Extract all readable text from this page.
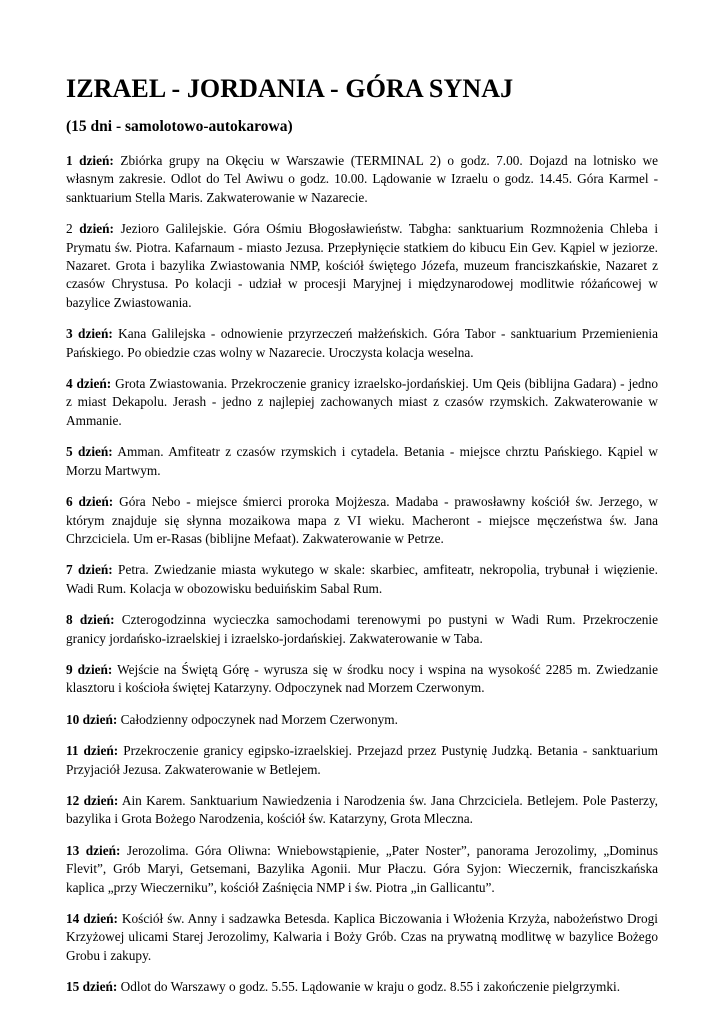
IZRAEL - JORDANIA - GÓRA SYNAJ
(15 dni - samolotowo-autokarowa)

1 dzień: Zbiórka grupy na Okęciu w Warszawie (TERMINAL 2) o godz. 7.00. Dojazd na lotnisko we własnym zakresie. Odlot do Tel Awiwu o godz. 10.00. Lądowanie w Izraelu o godz. 14.45. Góra Karmel - sanktuarium Stella Maris. Zakwaterowanie w Nazarecie.

2 dzień: Jezioro Galilejskie. Góra Ośmiu Błogosławieństw. Tabgha: sanktuarium Rozmnożenia Chleba i Prymatu św. Piotra. Kafarnaum - miasto Jezusa. Przepłynięcie statkiem do kibucu Ein Gev. Kąpiel w jeziorze. Nazaret. Grota i bazylika Zwiastowania NMP, kościół świętego Józefa, muzeum franciszkańskie, Nazaret z czasów Chrystusa. Po kolacji - udział w procesji Maryjnej i międzynarodowej modlitwie różańcowej w bazylice Zwiastowania.

3 dzień: Kana Galilejska - odnowienie przyrzeczeń małżeńskich. Góra Tabor - sanktuarium Przemienienia Pańskiego. Po obiedzie czas wolny w Nazarecie. Uroczysta kolacja weselna.

4 dzień: Grota Zwiastowania. Przekroczenie granicy izraelsko-jordańskiej. Um Qeis (biblijna Gadara) - jedno z miast Dekapolu. Jerash - jedno z najlepiej zachowanych miast z czasów rzymskich. Zakwaterowanie w Ammanie.

5 dzień: Amman. Amfiteatr z czasów rzymskich i cytadela. Betania - miejsce chrztu Pańskiego. Kąpiel w Morzu Martwym.

6 dzień: Góra Nebo - miejsce śmierci proroka Mojżesza. Madaba - prawosławny kościół św. Jerzego, w którym znajduje się słynna mozaikowa mapa z VI wieku. Macheront - miejsce męczeństwa św. Jana Chrzciciela. Um er-Rasas (biblijne Mefaat). Zakwaterowanie w Petrze.

7 dzień: Petra. Zwiedzanie miasta wykutego w skale: skarbiec, amfiteatr, nekropolia, trybunał i więzienie. Wadi Rum. Kolacja w obozowisku beduińskim Sabal Rum.

8 dzień: Czterogodzinna wycieczka samochodami terenowymi po pustyni w Wadi Rum. Przekroczenie granicy jordańsko-izraelskiej i izraelsko-jordańskiej. Zakwaterowanie w Taba.

9 dzień: Wejście na Świętą Górę - wyrusza się w środku nocy i wspina na wysokość 2285 m. Zwiedzanie klasztoru i kościoła świętej Katarzyny. Odpoczynek nad Morzem Czerwonym.

10 dzień: Całodzienny odpoczynek nad Morzem Czerwonym.

11 dzień: Przekroczenie granicy egipsko-izraelskiej. Przejazd przez Pustynię Judzką. Betania - sanktuarium Przyjaciół Jezusa. Zakwaterowanie w Betlejem.

12 dzień: Ain Karem. Sanktuarium Nawiedzenia i Narodzenia św. Jana Chrzciciela. Betlejem. Pole Pasterzy, bazylika i Grota Bożego Narodzenia, kościół św. Katarzyny, Grota Mleczna.

13 dzień: Jerozolima. Góra Oliwna: Wniebowstąpienie, „Pater Noster”, panorama Jerozolimy, „Dominus Flevit”, Grób Maryi, Getsemani, Bazylika Agonii. Mur Płaczu. Góra Syjon: Wieczernik, franciszkańska kaplica „przy Wieczerniku”, kościół Zaśnięcia NMP i św. Piotra „in Gallicantu”.

14 dzień: Kościół św. Anny i sadzawka Betesda. Kaplica Biczowania i Włożenia Krzyża, nabożeństwo Drogi Krzyżowej ulicami Starej Jerozolimy, Kalwaria i Boży Grób. Czas na prywatną modlitwę w bazylice Bożego Grobu i zakupy.

15 dzień: Odlot do Warszawy o godz. 5.55. Lądowanie w kraju o godz. 8.55 i zakończenie pielgrzymki.
